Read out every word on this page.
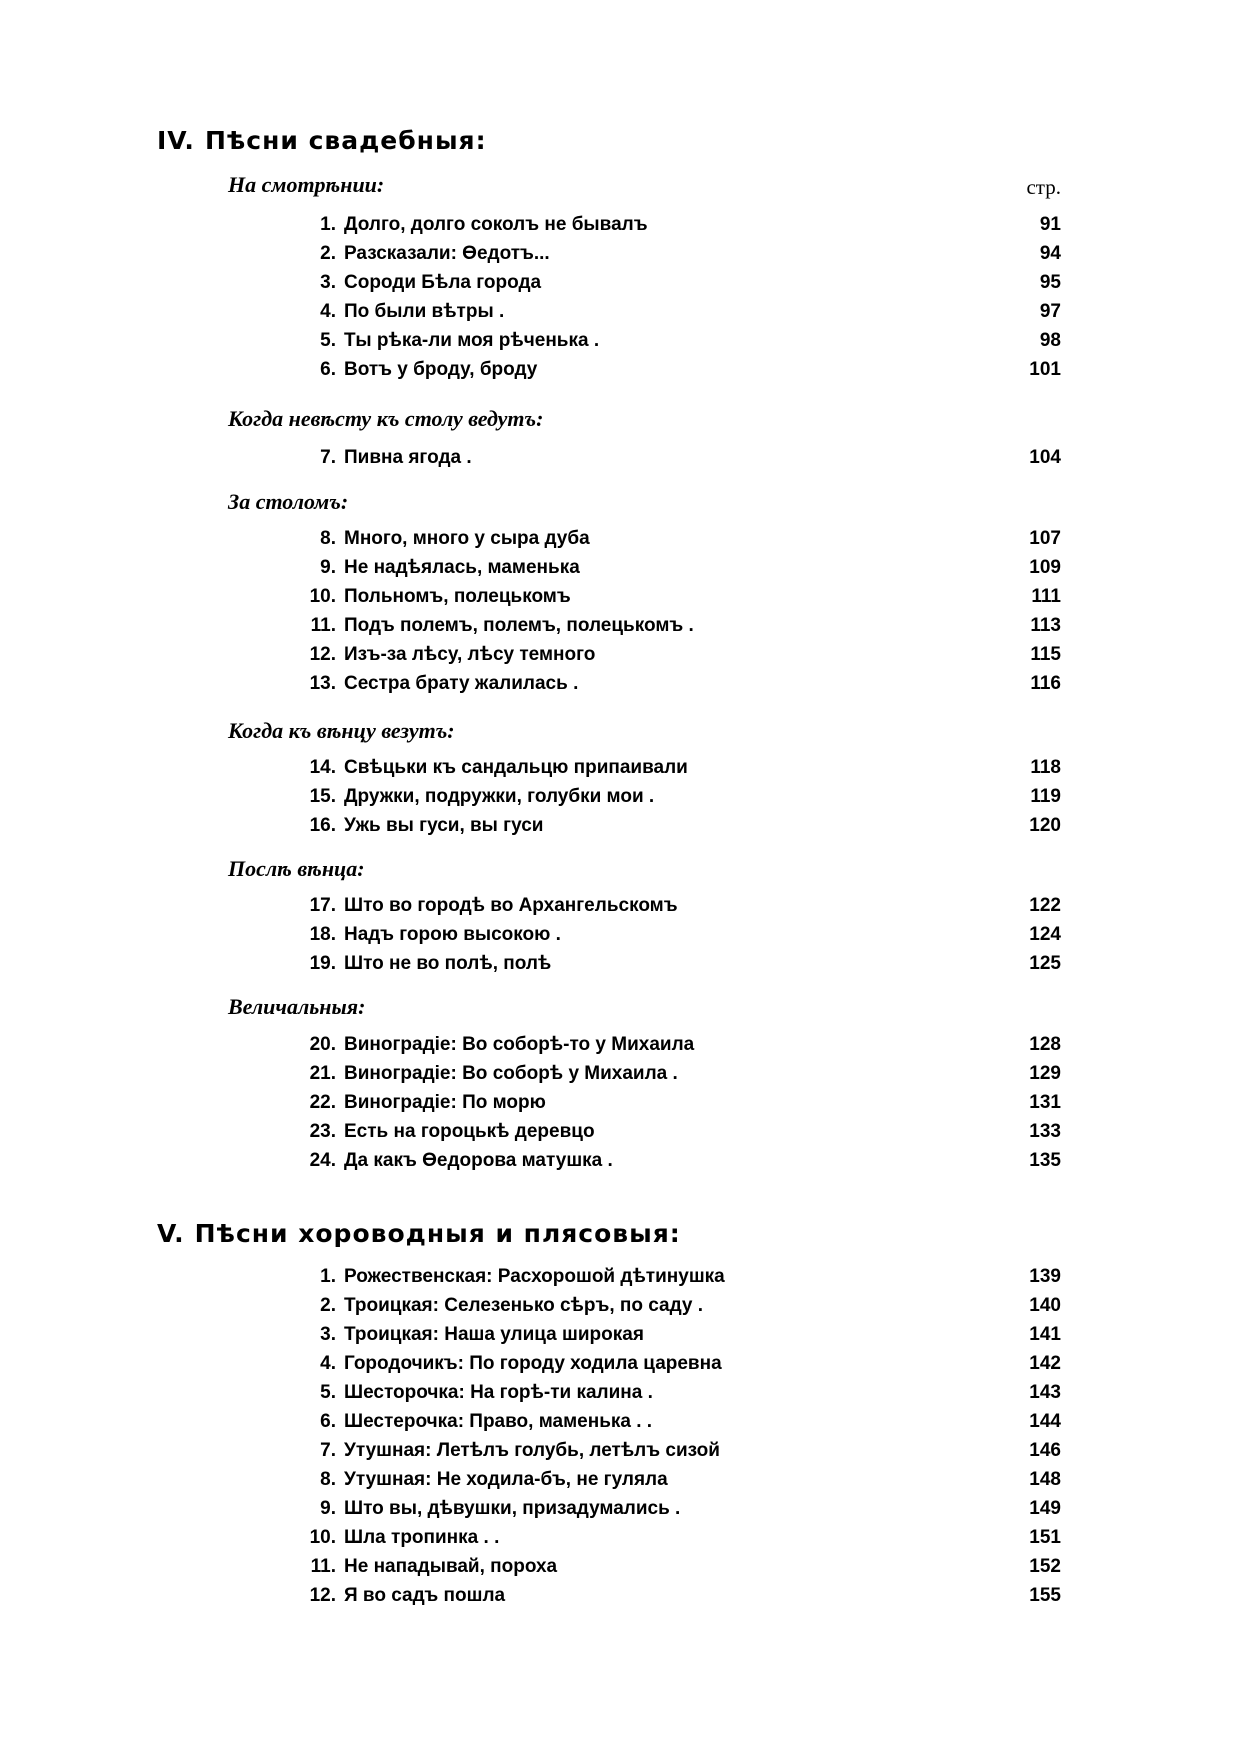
IV. Пѣсни свадебныя:
На смотрѣнии:	стр.
1. Долго, долго соколъ не бывалъ	91
2. Разсказали: Өедотъ...	94
3. Сороди Бѣла города	95
4. По были вѣтры .	97
5. Ты рѣка-ли моя рѣченька .	98
6. Вотъ у броду, броду	101
Когда невѣсту къ столу ведутъ:
7. Пивна ягода .	104
За столомъ:
8. Много, много у сыра дуба	107
9. Не надѣялась, маменька	109
10. Польномъ, полецькомъ	111
11. Подъ полемъ, полемъ, полецькомъ .	113
12. Изъ-за лѣсу, лѣсу темного	115
13. Сестра брату жалилась .	116
Когда къ вѣнцу везутъ:
14. Свѣцьки къ сандальцю припаивали	118
15. Дружки, подружки, голубки мои .	119
16. Ужь вы гуси, вы гуси	120
Послѣ вѣнца:
17. Што во городѣ во Архангельскомъ	122
18. Надъ горою высокою .	124
19. Што не во полѣ, полѣ	125
Величальныя:
20. Виноградіе: Во соборѣ-то у Михаила	128
21. Виноградіе: Во соборѣ у Михаила .	129
22. Виноградіе: По морю	131
23. Есть на гороцькѣ деревцо	133
24. Да какъ Өедорова матушка .	135
V. Пѣсни хороводныя и плясовыя:
1. Рожественская: Расхорошой дѣтинушка	139
2. Троицкая: Селезенько сѣръ, по саду .	140
3. Троицкая: Наша улица широкая	141
4. Городочикъ: По городу ходила царевна	142
5. Шесторочка: На горѣ-ти калина .	143
6. Шестерочка: Право, маменька . .	144
7. Утушная: Летѣлъ голубь, летѣлъ сизой	146
8. Утушная: Не ходила-бъ, не гуляла	148
9. Што вы, дѣвушки, призадумались .	149
10. Шла тропинка . .	151
11. Не нападывай, пороха	152
12. Я во садъ пошла	155
